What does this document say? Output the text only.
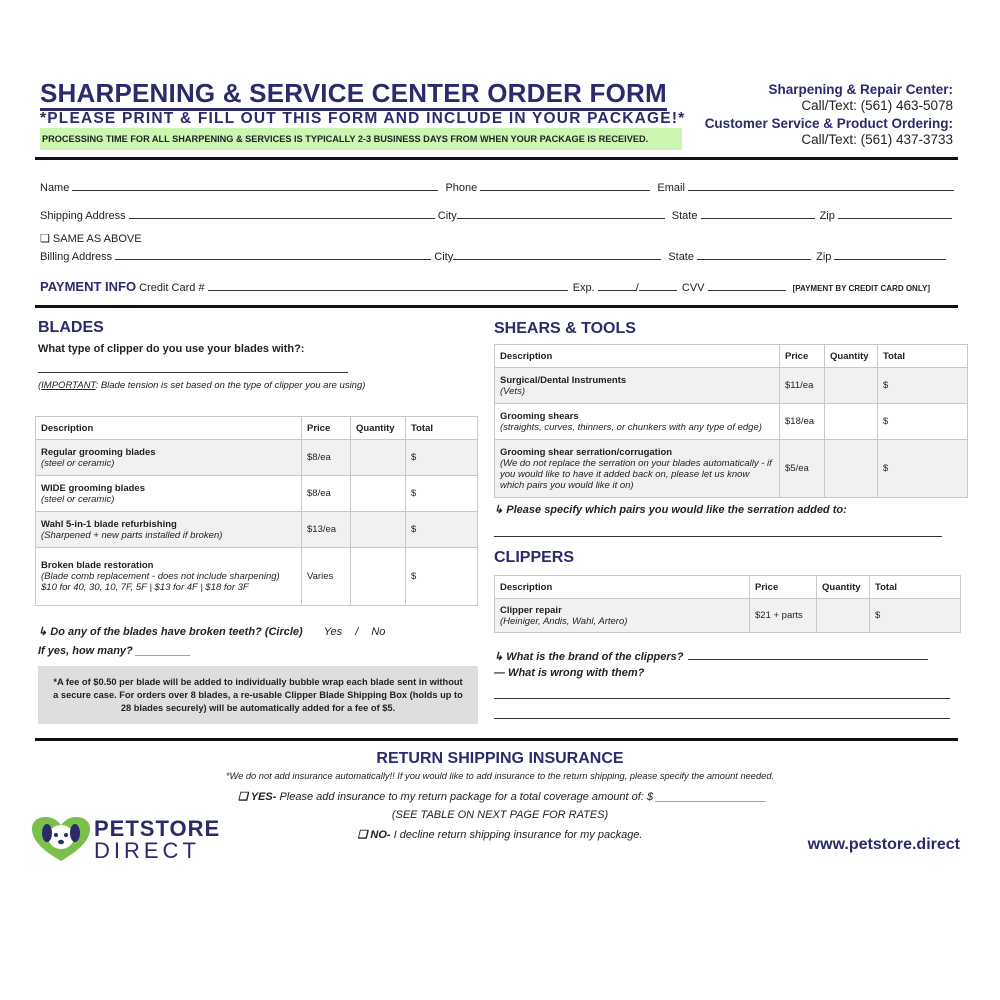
SHARPENING & SERVICE CENTER ORDER FORM
*PLEASE PRINT & FILL OUT THIS FORM AND INCLUDE IN YOUR PACKAGE!*
PROCESSING TIME FOR ALL SHARPENING & SERVICES IS TYPICALLY 2-3 BUSINESS DAYS FROM WHEN YOUR PACKAGE IS RECEIVED.
Sharpening & Repair Center:
Call/Text: (561) 463-5078
Customer Service & Product Ordering:
Call/Text: (561) 437-3733
Name	Phone	Email
Shipping Address	City	State	Zip
❑ SAME AS ABOVE
Billing Address	City	State	Zip
PAYMENT INFO Credit Card #	Exp.	/	CVV	[PAYMENT BY CREDIT CARD ONLY]
BLADES
What type of clipper do you use your blades with?:
(IMPORTANT: Blade tension is set based on the type of clipper you are using)
Description	Price	Quantity	Total

Regular grooming blades
(steel or ceramic)	$8/ea		$

WIDE grooming blades
(steel or ceramic)	$8/ea		$

Wahl 5-in-1 blade refurbishing
(Sharpened + new parts installed if broken)	$13/ea		$

Broken blade restoration
(Blade comb replacement - does not include sharpening)
$10 for 40, 30, 10, 7F, 5F | $13 for 4F | $18 for 3F	Varies		$
↳ Do any of the blades have broken teeth? (Circle) Yes / No
If yes, how many? _________
*A fee of $0.50 per blade will be added to individually bubble wrap each blade sent in without a secure case. For orders over 8 blades, a re-usable Clipper Blade Shipping Box (holds up to 28 blades securely) will be automatically added for a fee of $5.
SHEARS & TOOLS
Description	Price	Quantity	Total

Surgical/Dental Instruments
(Vets)	$11/ea		$

Grooming shears
(straights, curves, thinners, or chunkers with any type of edge)	$18/ea		$

Grooming shear serration/corrugation
(We do not replace the serration on your blades automatically - if you would like to have it added back on, please let us know which pairs you would like it on)	$5/ea		$
↳ Please specify which pairs you would like the serration added to:
CLIPPERS
Description	Price	Quantity	Total

Clipper repair
(Heiniger, Andis, Wahl, Artero)	$21 + parts		$
↳ What is the brand of the clippers?
— What is wrong with them?
RETURN SHIPPING INSURANCE
*We do not add insurance automatically!! If you would like to add insurance to the return shipping, please specify the amount needed.
❑ YES- Please add insurance to my return package for a total coverage amount of: $ __________________
(SEE TABLE ON NEXT PAGE FOR RATES)
❑ NO- I decline return shipping insurance for my package.
PETSTORE
DIRECT	www.petstore.direct
